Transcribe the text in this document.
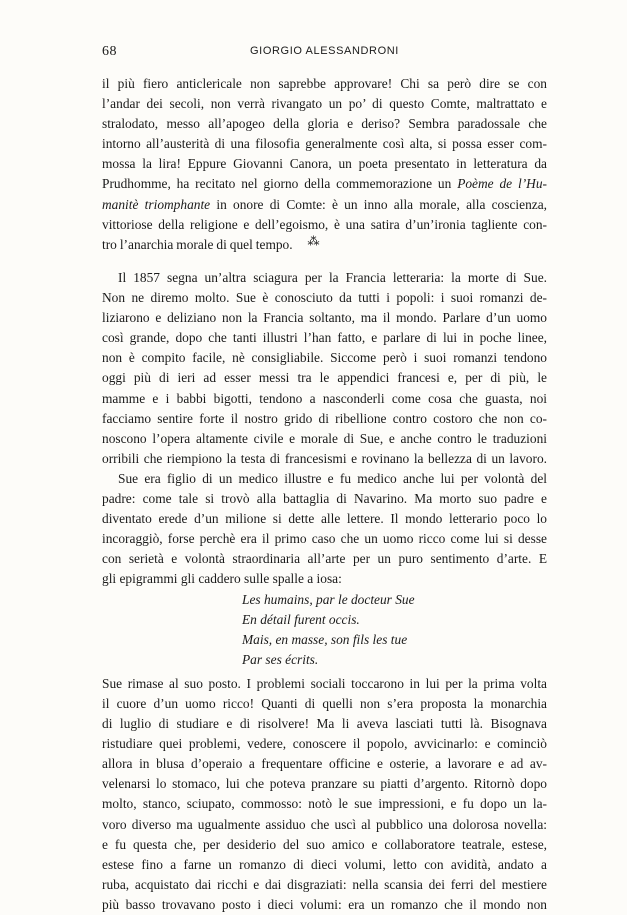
68	GIORGIO ALESSANDRONI
il più fiero anticlericale non saprebbe approvare! Chi sa però dire se con
l’andar dei secoli, non verrà rivangato un po’ di questo Comte, maltrattato e
stralodato, messo all’apogeo della gloria e deriso? Sembra paradossale che
intorno all’austerità di una filosofia generalmente così alta, si possa esser com-
mossa la lira! Eppure Giovanni Canora, un poeta presentato in letteratura da
Prudhomme, ha recitato nel giorno della commemorazione un Poème de l’Hu-
manitè triomphante in onore di Comte: è un inno alla morale, alla coscienza,
vittoriose della religione e dell’egoismo, è una satira d’un’ironia tagliente con-
tro l’anarchia morale di quel tempo.	⁂
Il 1857 segna un’altra sciagura per la Francia letteraria: la morte di Sue.
Non ne diremo molto. Sue è conosciuto da tutti i popoli: i suoi romanzi de-
liziarono e deliziano non la Francia soltanto, ma il mondo. Parlare d’un uomo
così grande, dopo che tanti illustri l’han fatto, e parlare di lui in poche linee,
non è compito facile, nè consigliabile. Siccome però i suoi romanzi tendono
oggi più di ieri ad esser messi tra le appendici francesi e, per di più, le
mamme e i babbi bigotti, tendono a nasconderli come cosa che guasta, noi
facciamo sentire forte il nostro grido di ribellione contro costoro che non co-
noscono l’opera altamente civile e morale di Sue, e anche contro le traduzioni
orribili che riempiono la testa di francesismi e rovinano la bellezza di un lavoro.
Sue era figlio di un medico illustre e fu medico anche lui per volontà del
padre: come tale si trovò alla battaglia di Navarino. Ma morto suo padre e
diventato erede d’un milione si dette alle lettere. Il mondo letterario poco lo
incoraggiò, forse perchè era il primo caso che un uomo ricco come lui si desse
con serietà e volontà straordinaria all’arte per un puro sentimento d’arte. E
gli epigrammi gli caddero sulle spalle a iosa:
Les humains, par le docteur Sue
En détail furent occis.
Mais, en masse, son fils les tue
Par ses écrits.
Sue rimase al suo posto. I problemi sociali toccarono in lui per la prima volta
il cuore d’un uomo ricco! Quanti di quelli non s’era proposta la monarchia
di luglio di studiare e di risolvere! Ma li aveva lasciati tutti là. Bisognava
ristudiare quei problemi, vedere, conoscere il popolo, avvicinarlo: e cominciò
allora in blusa d’operaio a frequentare officine e osterie, a lavorare e ad av-
velenarsi lo stomaco, lui che poteva pranzare su piatti d’argento. Ritornò dopo
molto, stanco, sciupato, commosso: notò le sue impressioni, e fu dopo un la-
voro diverso ma ugualmente assiduo che uscì al pubblico una dolorosa novella:
e fu questa che, per desiderio del suo amico e collaboratore teatrale, estese,
estese fino a farne un romanzo di dieci volumi, letto con avidità, andato a
ruba, acquistato dai ricchi e dai disgraziati: nella scansia dei ferri del mestiere
più basso trovavano posto i dieci volumi: era un romanzo che il mondo non
